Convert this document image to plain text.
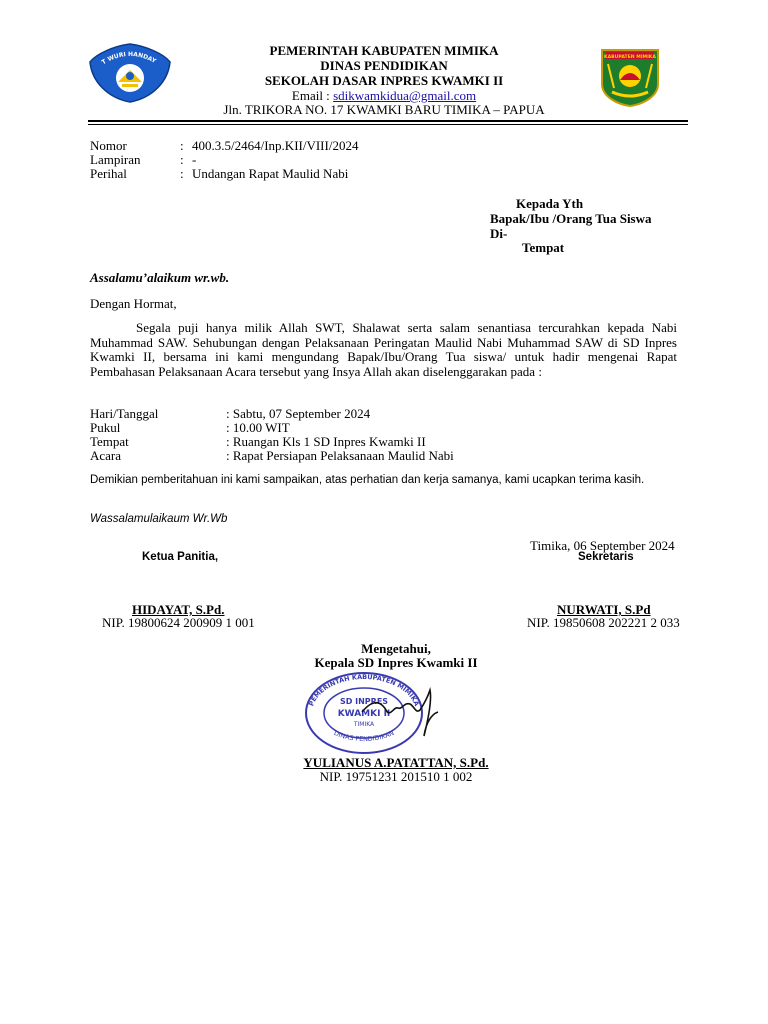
T WURI HANDAY	KABUPATEN MIMIKA
PEMERINTAH KABUPATEN MIMIKA
DINAS PENDIDIKAN
SEKOLAH DASAR INPRES KWAMKI II
Email : sdikwamkidua@gmail.com
Jln. TRIKORA NO. 17 KWAMKI BARU TIMIKA – PAPUA
Nomor	: 400.3.5/2464/Inp.KII/VIII/2024
Lampiran	: -
Perihal	: Undangan Rapat Maulid Nabi
Kepada Yth
Bapak/Ibu /Orang Tua Siswa
Di-
Tempat
Assalamu’alaikum wr.wb.
Dengan Hormat,
Segala puji hanya milik Allah SWT, Shalawat serta salam senantiasa tercurahkan kepada Nabi Muhammad SAW. Sehubungan dengan Pelaksanaan Peringatan Maulid Nabi Muhammad SAW di SD Inpres Kwamki II, bersama ini kami mengundang Bapak/Ibu/Orang Tua siswa/ untuk hadir mengenai Rapat Pembahasan Pelaksanaan Acara tersebut yang Insya Allah akan diselenggarakan pada :
Hari/Tanggal	: Sabtu, 07 September 2024
Pukul	: 10.00 WIT
Tempat	: Ruangan Kls 1 SD Inpres Kwamki II
Acara	: Rapat Persiapan Pelaksanaan Maulid Nabi
Demikian pemberitahuan ini kami sampaikan, atas perhatian dan kerja samanya, kami ucapkan terima kasih.
Wassalamulaikaum Wr.Wb
Timika, 06 September 2024
Ketua Panitia,	Sekretaris
HIDAYAT, S.Pd.
NIP. 19800624 200909 1 001
NURWATI, S.Pd
NIP. 19850608 202221 2 033
Mengetahui,
Kepala SD Inpres Kwamki II
PEMERINTAH KABUPATEN MIMIKA
DINAS PENDIDIKAN
SD INPRES
KWAMKI II
TIMIKA
YULIANUS A.PATATTAN, S.Pd.
NIP. 19751231 201510 1 002
